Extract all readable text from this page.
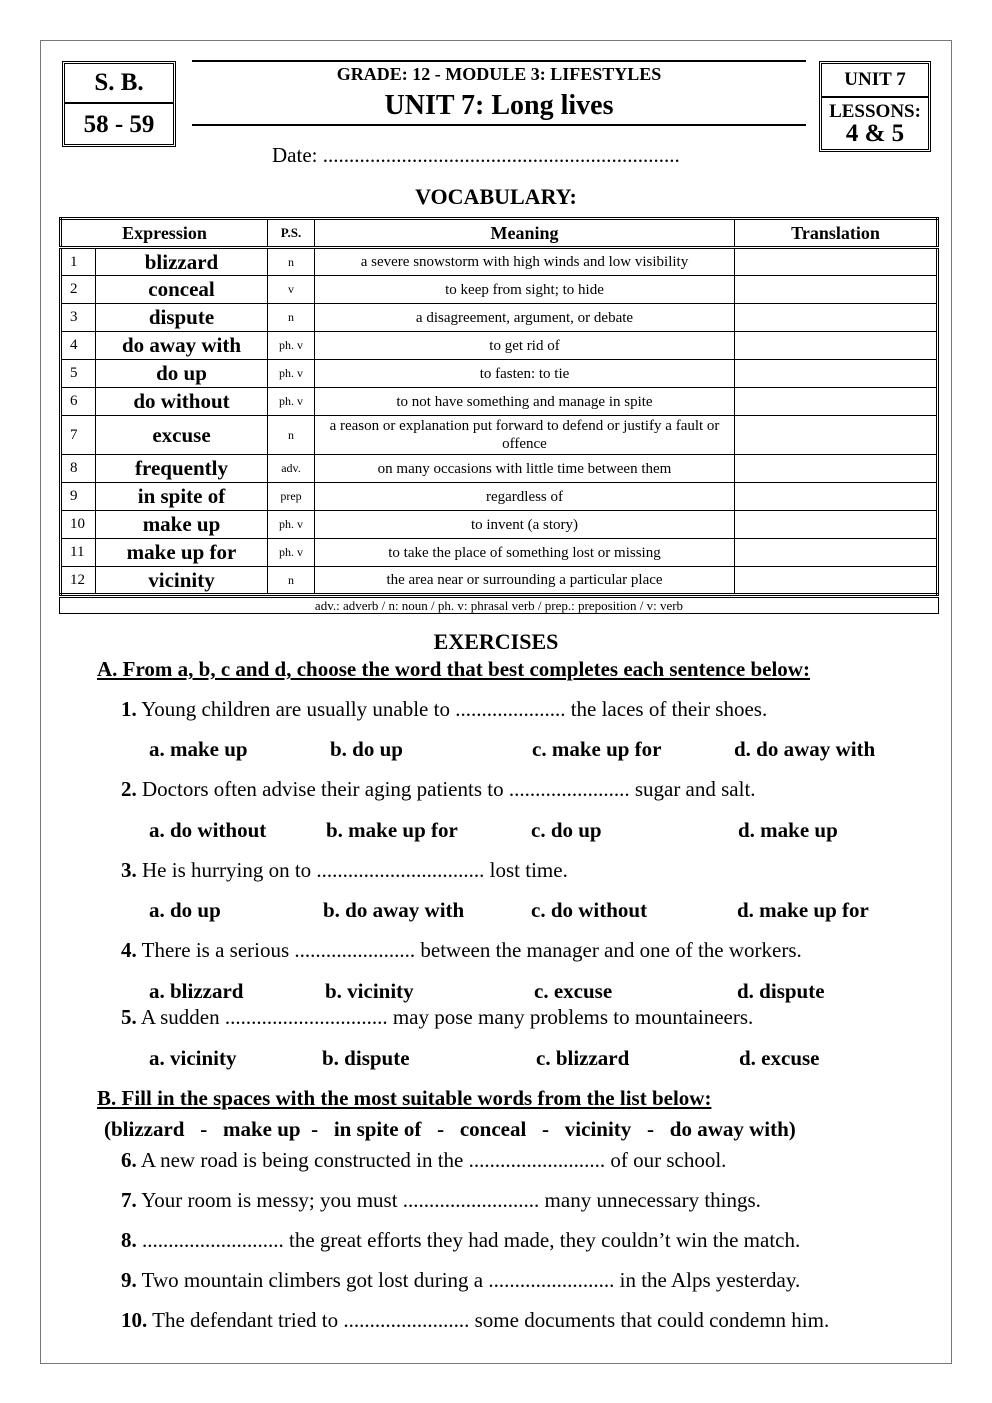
S. B.
58 - 59
GRADE: 12 - MODULE 3: LIFESTYLES
UNIT 7: Long lives
Date: ....................................................................
UNIT 7
LESSONS:
4 & 5
VOCABULARY:
Expression		P.S.	Meaning	Translation
1	blizzard	n	a severe snowstorm with high winds and low visibility	
2	conceal	v	to keep from sight; to hide	
3	dispute	n	a disagreement, argument, or debate	
4	do away with	ph. v	to get rid of	
5	do up	ph. v	to fasten: to tie	
6	do without	ph. v	to not have something and manage in spite	
7	excuse	n	a reason or explanation put forward to defend or justify a fault or offence	
8	frequently	adv.	on many occasions with little time between them	
9	in spite of	prep	regardless of	
10	make up	ph. v	to invent (a story)	
11	make up for	ph. v	to take the place of something lost or missing	
12	vicinity	n	the area near or surrounding a particular place	
adv.: adverb / n: noun / ph. v: phrasal verb / prep.: preposition / v: verb
EXERCISES
A. From a, b, c and d, choose the word that best completes each sentence below:
1. Young children are usually unable to ..................... the laces of their shoes.
a. make up	b. do up	c. make up for	d. do away with
2. Doctors often advise their aging patients to ....................... sugar and salt.
a. do without	b. make up for	c. do up	d. make up
3. He is hurrying on to ................................ lost time.
a. do up	b. do away with	c. do without	d. make up for
4. There is a serious ....................... between the manager and one of the workers.
a. blizzard	b. vicinity	c. excuse	d. dispute
5. A sudden ............................... may pose many problems to mountaineers.
a. vicinity	b. dispute	c. blizzard	d. excuse
B. Fill in the spaces with the most suitable words from the list below:
(blizzard   -   make up  -   in spite of   -   conceal   -   vicinity   -   do away with)
6. A new road is being constructed in the .......................... of our school.
7. Your room is messy; you must .......................... many unnecessary things.
8. ........................... the great efforts they had made, they couldn’t win the match.
9. Two mountain climbers got lost during a ........................ in the Alps yesterday.
10. The defendant tried to ........................ some documents that could condemn him.
